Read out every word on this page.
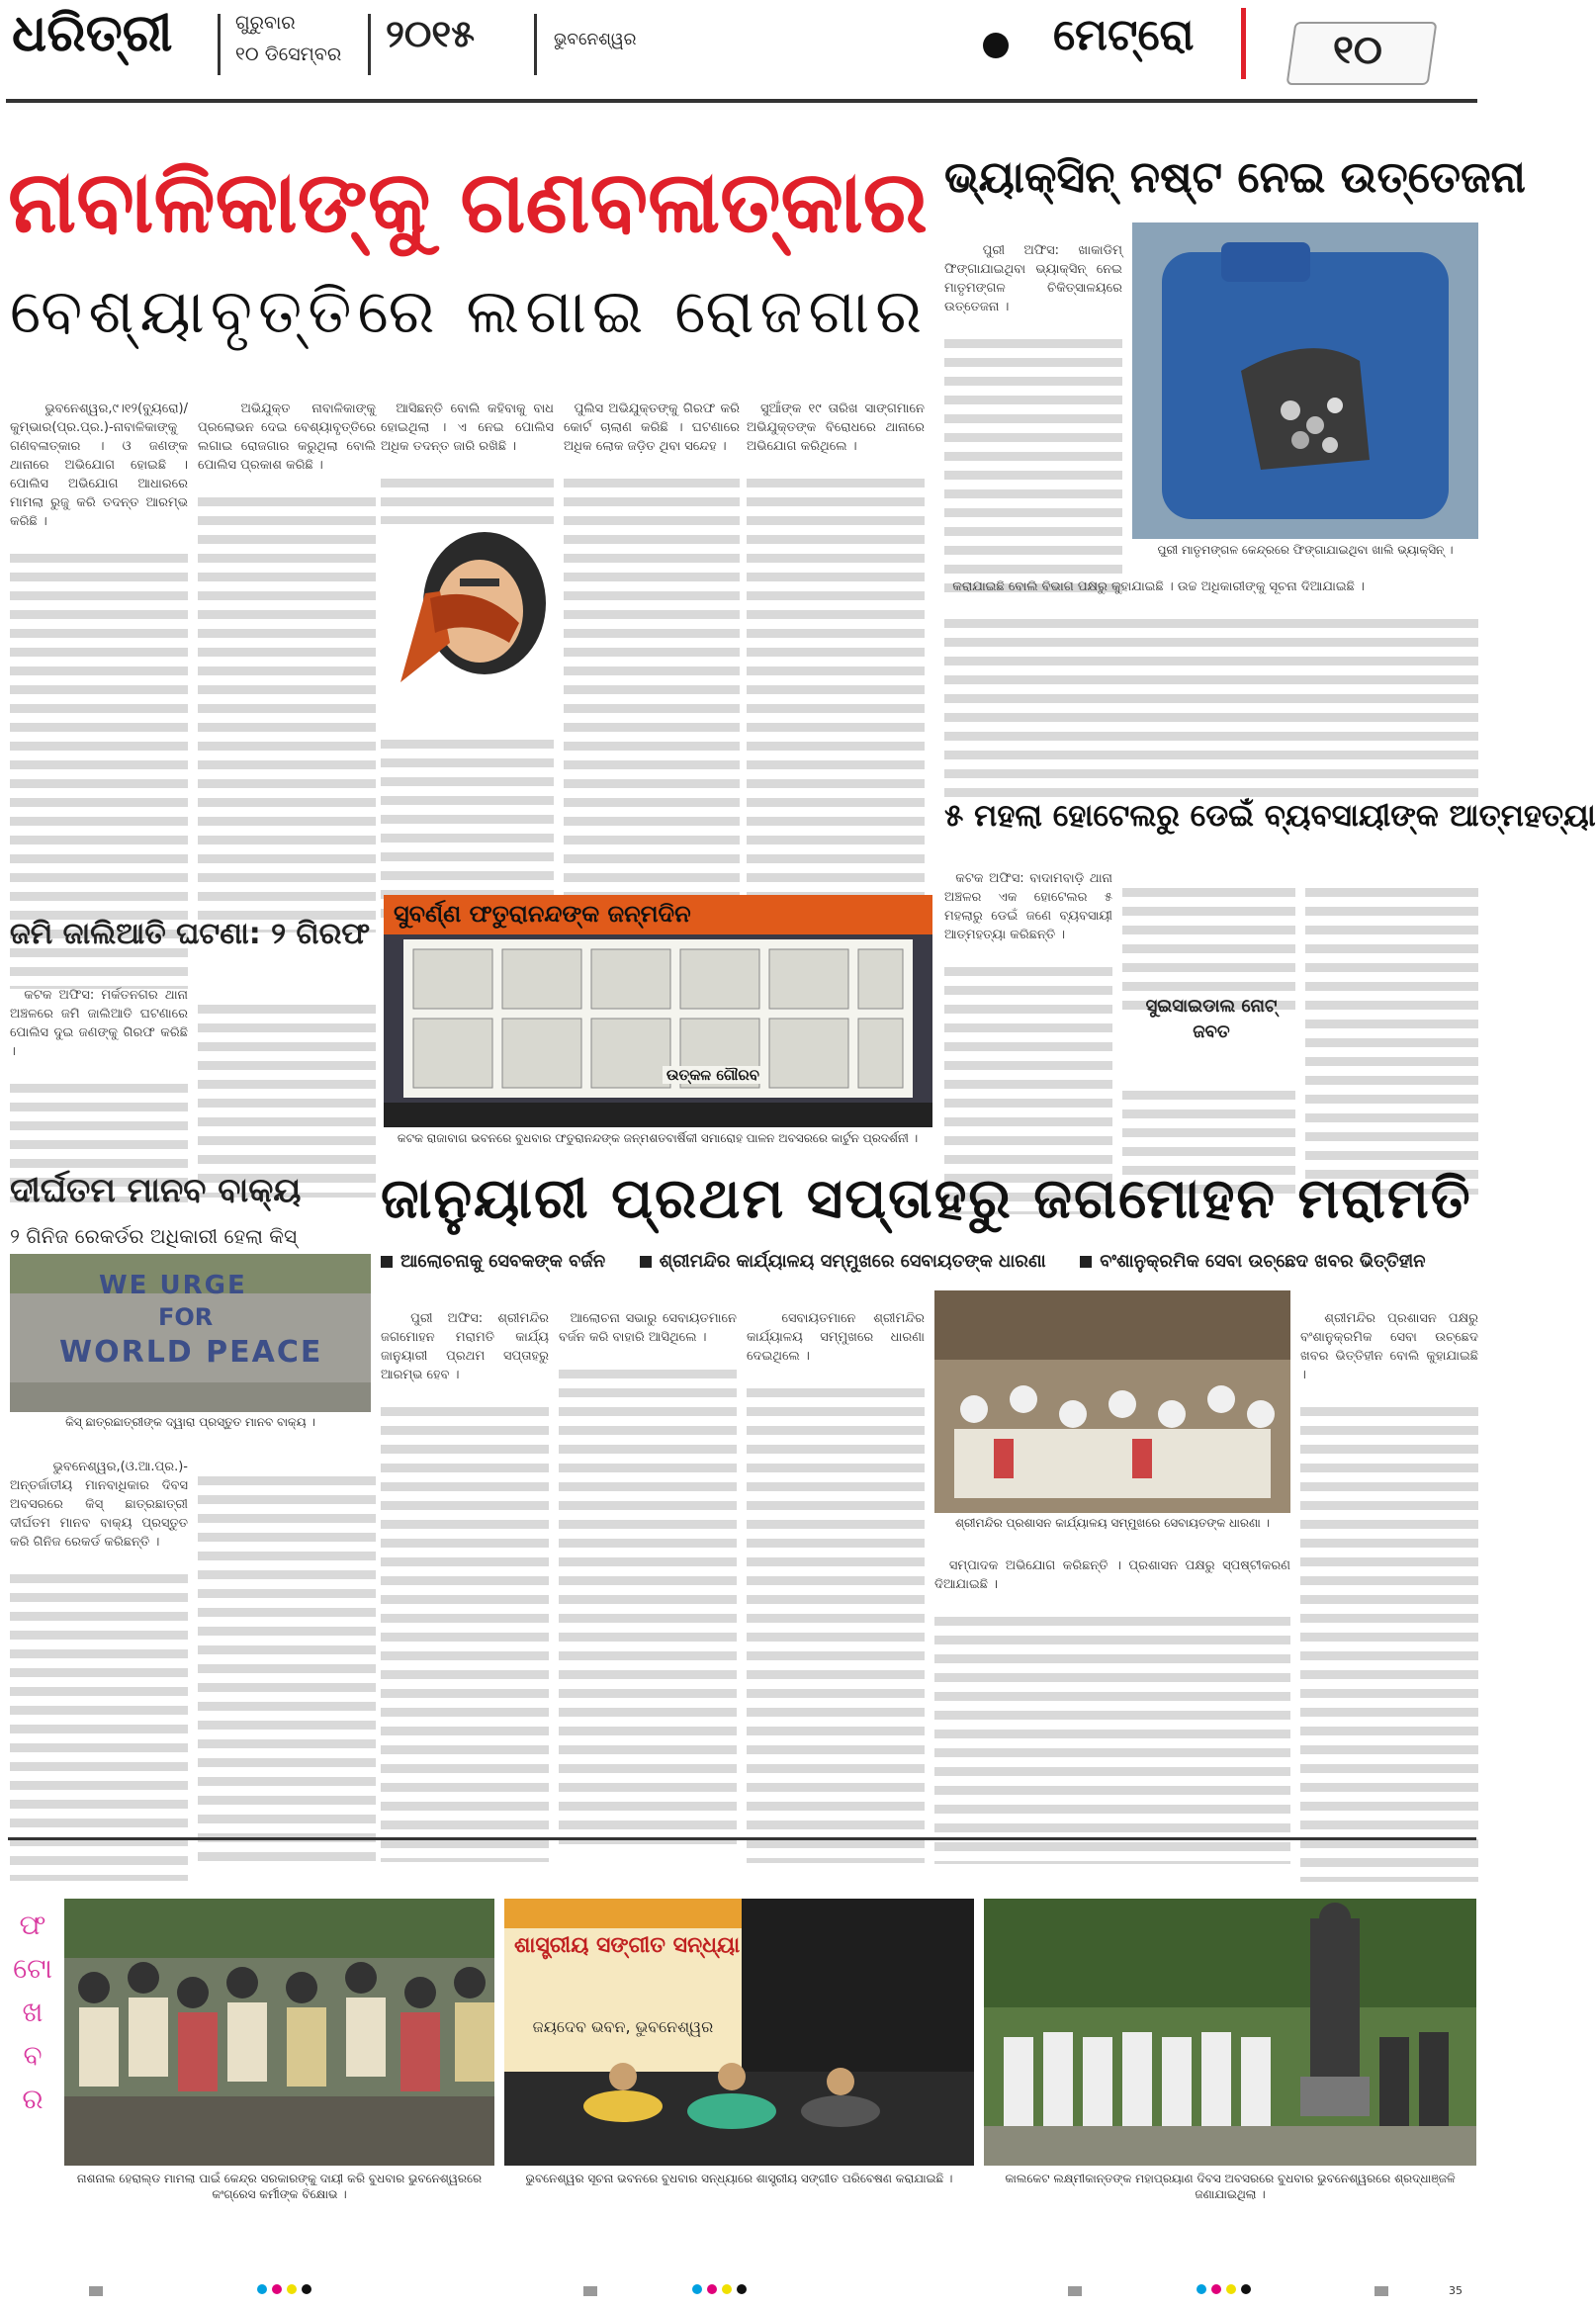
ଧରିତ୍ରୀ	ଗୁରୁବାର
୧୦ ଡିସେମ୍ବର ୨୦୧୫	ଭୁବନେଶ୍ୱର	ମେଟ୍ରୋ	୧୦
ନାବାଳିକାଙ୍କୁ ଗଣବଳାତ୍କାର
ବେଶ୍ୟାବୃତ୍ତିରେ ଲଗାଇ ରୋଜଗାର

ଭୁବନେଶ୍ୱର,୯।୧୨(ବ୍ୟୁରୋ)/ କୁମ୍ଭାର(ପ୍ର.ପ୍ର.)-ନାବାଳିକାଙ୍କୁ ଗଣବଳାତ୍କାର । ଓ ଜଣଙ୍କ ଥାନାରେ ଅଭିଯୋଗ ହୋଇଛି । ପୋଲିସ ଅଭିଯୋଗ ଆଧାରରେ ମାମଲା ରୁଜୁ କରି ତଦନ୍ତ ଆରମ୍ଭ କରିଛି ।

ଅଭିଯୁକ୍ତ ନାବାଳିକାଙ୍କୁ ପ୍ରଲୋଭନ ଦେଇ ବେଶ୍ୟାବୃତ୍ତିରେ ଲଗାଇ ରୋଜଗାର କରୁଥିଲା ବୋଲି ପୋଲିସ ପ୍ରକାଶ କରିଛି ।

ଆସିଛନ୍ତି ବୋଲି କହିବାକୁ ବାଧ ହୋଇଥିଲା । ଏ ନେଇ ପୋଲିସ ଅଧିକ ତଦନ୍ତ ଜାରି ରଖିଛି ।

ପୁଲିସ ଅଭିଯୁକ୍ତଙ୍କୁ ଗିରଫ କରି କୋର୍ଟ ଚାଲାଣ କରିଛି । ଘଟଣାରେ ଅଧିକ ଲୋକ ଜଡ଼ିତ ଥିବା ସନ୍ଦେହ ।

ସୁଆଁଙ୍କ ୧୯ ତାରିଖ ସାଙ୍ଗମାନେ ଅଭିଯୁକ୍ତଙ୍କ ବିରୋଧରେ ଥାନାରେ ଅଭିଯୋଗ କରିଥିଲେ ।

ଭ୍ୟାକ୍ସିନ୍ ନଷ୍ଟ ନେଇ ଉତ୍ତେଜନା

ପୁରୀ ଅଫିସ: ଖାକାଡିମ୍ ଫିଙ୍ଗାଯାଇଥିବା ଭ୍ୟାକ୍ସିନ୍ ନେଇ ମାତୃମଙ୍ଗଳ ଚିକିତ୍ସାଳୟରେ ଉତ୍ତେଜନା ।

ପୁରୀ ମାତୃମଙ୍ଗଳ କେନ୍ଦ୍ରରେ ଫିଙ୍ଗାଯାଇଥିବା ଖାଲି ଭ୍ୟାକ୍ସିନ୍ ।

କରାଯାଇଛି ବୋଲି ବିଭାଗ ପକ୍ଷରୁ କୁହାଯାଇଛି । ଉଚ୍ଚ ଅଧିକାରୀଙ୍କୁ ସୂଚନା ଦିଆଯାଇଛି ।

୫ ମହଲା ହୋଟେଲରୁ ଡେଇଁ ବ୍ୟବସାୟୀଙ୍କ ଆତ୍ମହତ୍ୟା

କଟକ ଅଫିସ: ବାଦାମବାଡ଼ି ଥାନା ଅଞ୍ଚଳର ଏକ ହୋଟେଲର ୫ ମହଲାରୁ ଡେଇଁ ଜଣେ ବ୍ୟବସାୟୀ ଆତ୍ମହତ୍ୟା କରିଛନ୍ତି ।

ସୁଇସାଇଡାଲ ନୋଟ୍ ଜବତ

ଜମି ଜାଲିଆତି ଘଟଣା: ୨ ଗିରଫ

କଟକ ଅଫିସ: ମର୍କତନଗର ଥାନା ଅଞ୍ଚଳରେ ଜମି ଜାଲିଆତି ଘଟଣାରେ ପୋଲିସ ଦୁଇ ଜଣଙ୍କୁ ଗିରଫ କରିଛି ।

ସୁବର୍ଣ୍ଣ ଫତୁରାନନ୍ଦଙ୍କ ଜନ୍ମଦିନ
ଉତ୍କଳ ଗୌରବ
କଟକ ରାଜାବାଗ ଭବନରେ ବୁଧବାର ଫତୁରାନନ୍ଦଙ୍କ ଜନ୍ମଶତବାର୍ଷିକୀ ସମାରୋହ ପାଳନ ଅବସରରେ କାର୍ଟୁନ ପ୍ରଦର୍ଶନୀ ।
ଦୀର୍ଘତମ ମାନବ ବାକ୍ୟ
୨ ଗିନିଜ ରେକର୍ଡର ଅଧିକାରୀ ହେଲା କିସ୍
WE URGE
FOR
WORLD PEACE
କିସ୍ ଛାତ୍ରଛାତ୍ରୀଙ୍କ ଦ୍ୱାରା ପ୍ରସ୍ତୁତ ମାନବ ବାକ୍ୟ ।

ଭୁବନେଶ୍ୱର,(ଓ.ଆ.ପ୍ର.)- ଅନ୍ତର୍ଜାତୀୟ ମାନବାଧିକାର ଦିବସ ଅବସରରେ କିସ୍ ଛାତ୍ରଛାତ୍ରୀ ଦୀର୍ଘତମ ମାନବ ବାକ୍ୟ ପ୍ରସ୍ତୁତ କରି ଗିନିଜ ରେକର୍ଡ କରିଛନ୍ତି ।

ଜାନୁୟାରୀ ପ୍ରଥମ ସପ୍ତାହରୁ ଜଗମୋହନ ମରାମତି
ଆଲୋଚନାକୁ ସେବକଙ୍କ ବର୍ଜନ	ଶ୍ରୀମନ୍ଦିର କାର୍ଯ୍ୟାଳୟ ସମ୍ମୁଖରେ ସେବାୟତଙ୍କ ଧାରଣା	ବଂଶାନୁକ୍ରମିକ ସେବା ଉଚ୍ଛେଦ ଖବର ଭିତ୍ତିହୀନ

ପୁରୀ ଅଫିସ: ଶ୍ରୀମନ୍ଦିର ଜଗମୋହନ ମରାମତି କାର୍ଯ୍ୟ ଜାନୁୟାରୀ ପ୍ରଥମ ସପ୍ତାହରୁ ଆରମ୍ଭ ହେବ ।

ଆଲୋଚନା ସଭାରୁ ସେବାୟତମାନେ ବର୍ଜନ କରି ବାହାରି ଆସିଥିଲେ ।

ସେବାୟତମାନେ ଶ୍ରୀମନ୍ଦିର କାର୍ଯ୍ୟାଳୟ ସମ୍ମୁଖରେ ଧାରଣା ଦେଇଥିଲେ ।

ଶ୍ରୀମନ୍ଦିର ପ୍ରଶାସନ କାର୍ଯ୍ୟାଳୟ ସମ୍ମୁଖରେ ସେବାୟତଙ୍କ ଧାରଣା ।

ସମ୍ପାଦକ ଅଭିଯୋଗ କରିଛନ୍ତି । ପ୍ରଶାସନ ପକ୍ଷରୁ ସ୍ପଷ୍ଟୀକରଣ ଦିଆଯାଇଛି ।

ଶ୍ରୀମନ୍ଦିର ପ୍ରଶାସନ ପକ୍ଷରୁ ବଂଶାନୁକ୍ରମିକ ସେବା ଉଚ୍ଛେଦ ଖବର ଭିତ୍ତିହୀନ ବୋଲି କୁହାଯାଇଛି ।

ଫ
ଟୋ
ଖ
ବ
ର
ନାଶନାଲ ହେରାଲ୍ଡ ମାମଲା ପାଇଁ କେନ୍ଦ୍ର ସରକାରଙ୍କୁ ଦାୟୀ କରି ବୁଧବାର ଭୁବନେଶ୍ୱରରେ କଂଗ୍ରେସ କର୍ମୀଙ୍କ ବିକ୍ଷୋଭ ।
ଶାସ୍ତ୍ରୀୟ ସଙ୍ଗୀତ ସନ୍ଧ୍ୟା
ଜୟଦେବ ଭବନ, ଭୁବନେଶ୍ୱର
ଭୁବନେଶ୍ୱର ସୂଚନା ଭବନରେ ବୁଧବାର ସନ୍ଧ୍ୟାରେ ଶାସ୍ତ୍ରୀୟ ସଙ୍ଗୀତ ପରିବେଷଣ କରାଯାଇଛି ।	କାଲକେଟ ଲକ୍ଷ୍ମୀକାନ୍ତଙ୍କ ମହାପ୍ରୟାଣ ଦିବସ ଅବସରରେ ବୁଧବାର ଭୁବନେଶ୍ୱରରେ ଶ୍ରଦ୍ଧାଞ୍ଜଳି ଜଣାଯାଇଥିଲା ।
35
